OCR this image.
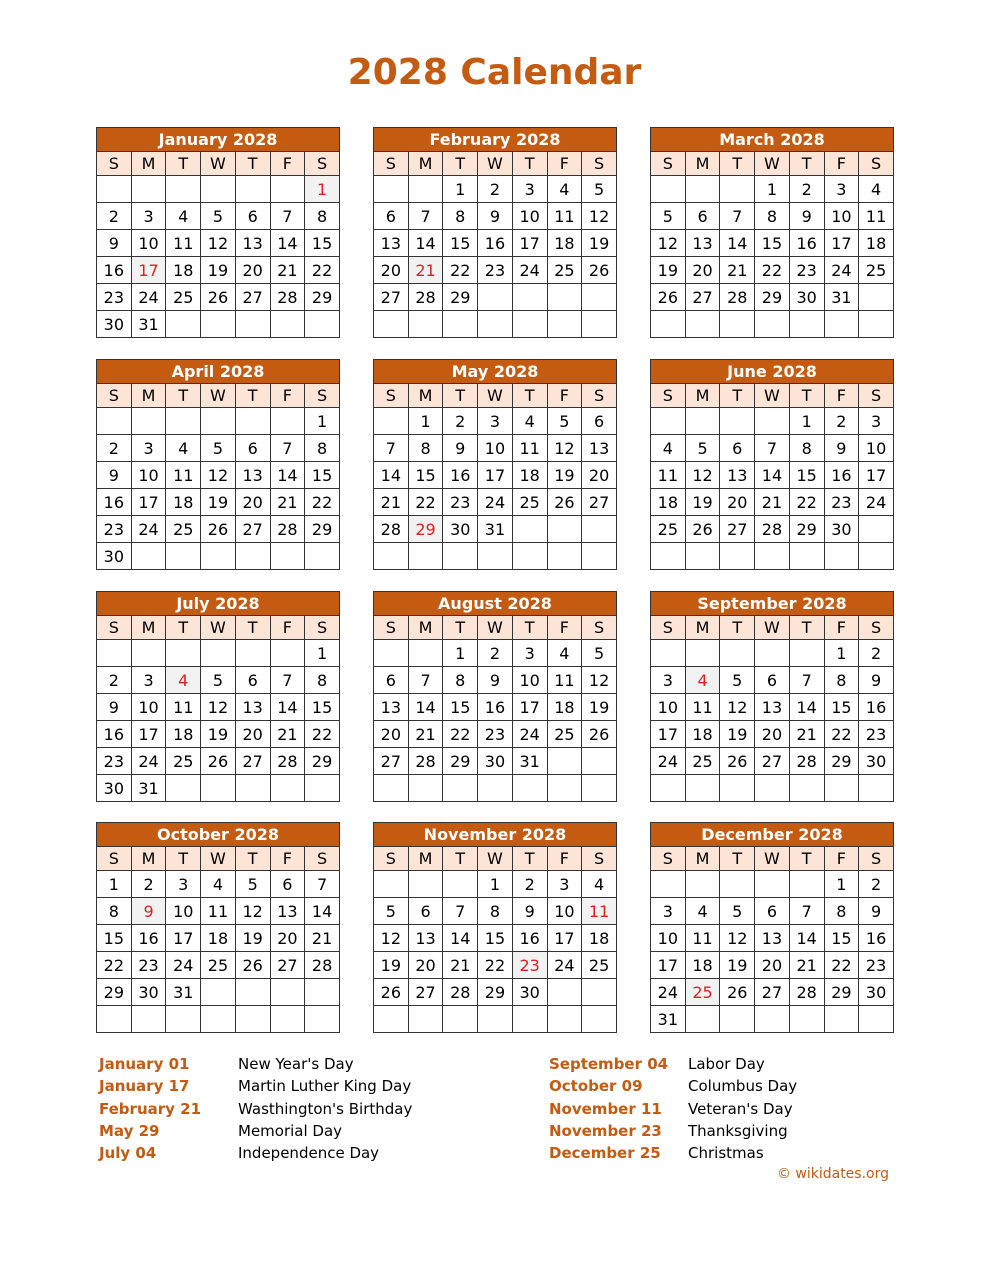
2028 Calendar
January 2028						
S	M	T	W	T	F	S
						1
2	3	4	5	6	7	8
9	10	11	12	13	14	15
16	17	18	19	20	21	22
23	24	25	26	27	28	29
30	31					
February 2028						
S	M	T	W	T	F	S
		1	2	3	4	5
6	7	8	9	10	11	12
13	14	15	16	17	18	19
20	21	22	23	24	25	26
27	28	29				

March 2028						
S	M	T	W	T	F	S
			1	2	3	4
5	6	7	8	9	10	11
12	13	14	15	16	17	18
19	20	21	22	23	24	25
26	27	28	29	30	31	

April 2028						
S	M	T	W	T	F	S
						1
2	3	4	5	6	7	8
9	10	11	12	13	14	15
16	17	18	19	20	21	22
23	24	25	26	27	28	29
30						
May 2028						
S	M	T	W	T	F	S
	1	2	3	4	5	6
7	8	9	10	11	12	13
14	15	16	17	18	19	20
21	22	23	24	25	26	27
28	29	30	31			

June 2028						
S	M	T	W	T	F	S
				1	2	3
4	5	6	7	8	9	10
11	12	13	14	15	16	17
18	19	20	21	22	23	24
25	26	27	28	29	30	

July 2028						
S	M	T	W	T	F	S
						1
2	3	4	5	6	7	8
9	10	11	12	13	14	15
16	17	18	19	20	21	22
23	24	25	26	27	28	29
30	31					
August 2028						
S	M	T	W	T	F	S
		1	2	3	4	5
6	7	8	9	10	11	12
13	14	15	16	17	18	19
20	21	22	23	24	25	26
27	28	29	30	31		

September 2028						
S	M	T	W	T	F	S
					1	2
3	4	5	6	7	8	9
10	11	12	13	14	15	16
17	18	19	20	21	22	23
24	25	26	27	28	29	30

October 2028						
S	M	T	W	T	F	S
1	2	3	4	5	6	7
8	9	10	11	12	13	14
15	16	17	18	19	20	21
22	23	24	25	26	27	28
29	30	31				

November 2028						
S	M	T	W	T	F	S
			1	2	3	4
5	6	7	8	9	10	11
12	13	14	15	16	17	18
19	20	21	22	23	24	25
26	27	28	29	30		

December 2028						
S	M	T	W	T	F	S
					1	2
3	4	5	6	7	8	9
10	11	12	13	14	15	16
17	18	19	20	21	22	23
24	25	26	27	28	29	30
31						
January 01	New Year's Day
January 17	Martin Luther King Day
February 21 Wasthington's Birthday
May 29	Memorial Day
July 04	Independence Day
September 04 Labor Day
October 09	Columbus Day
November 11 Veteran's Day
November 23 Thanksgiving
December 25 Christmas
© wikidates.org
